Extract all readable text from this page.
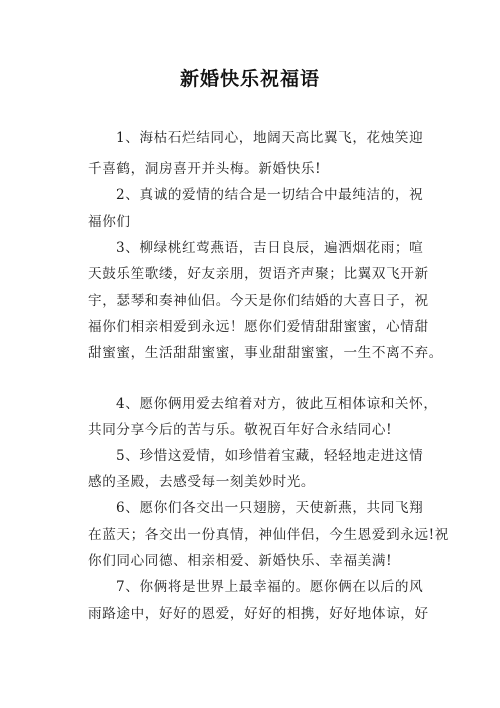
新婚快乐祝福语
1、海枯石烂结同心，地阔天高比翼飞，花烛笑迎
千喜鹤，洞房喜开并头梅。新婚快乐!
2、真诚的爱情的结合是一切结合中最纯洁的，祝
福你们
3、柳绿桃红莺燕语，吉日良辰，遍洒烟花雨；喧
天鼓乐笙歌缕，好友亲朋，贺语齐声聚；比翼双飞开新
宇，瑟琴和奏神仙侣。今天是你们结婚的大喜日子，祝
福你们相亲相爱到永远！愿你们爱情甜甜蜜蜜，心情甜
甜蜜蜜，生活甜甜蜜蜜，事业甜甜蜜蜜，一生不离不弃。
4、愿你俩用爱去绾着对方，彼此互相体谅和关怀，
共同分享今后的苦与乐。敬祝百年好合永结同心!
5、珍惜这爱情，如珍惜着宝藏，轻轻地走进这情
感的圣殿，去感受每一刻美妙时光。
6、愿你们各交出一只翅膀，天使新燕，共同飞翔
在蓝天；各交出一份真情，神仙伴侣，今生恩爱到永远!祝
你们同心同德、相亲相爱、新婚快乐、幸福美满!
7、你俩将是世界上最幸福的。愿你俩在以后的风
雨路途中，好好的恩爱，好好的相携，好好地体谅，好
